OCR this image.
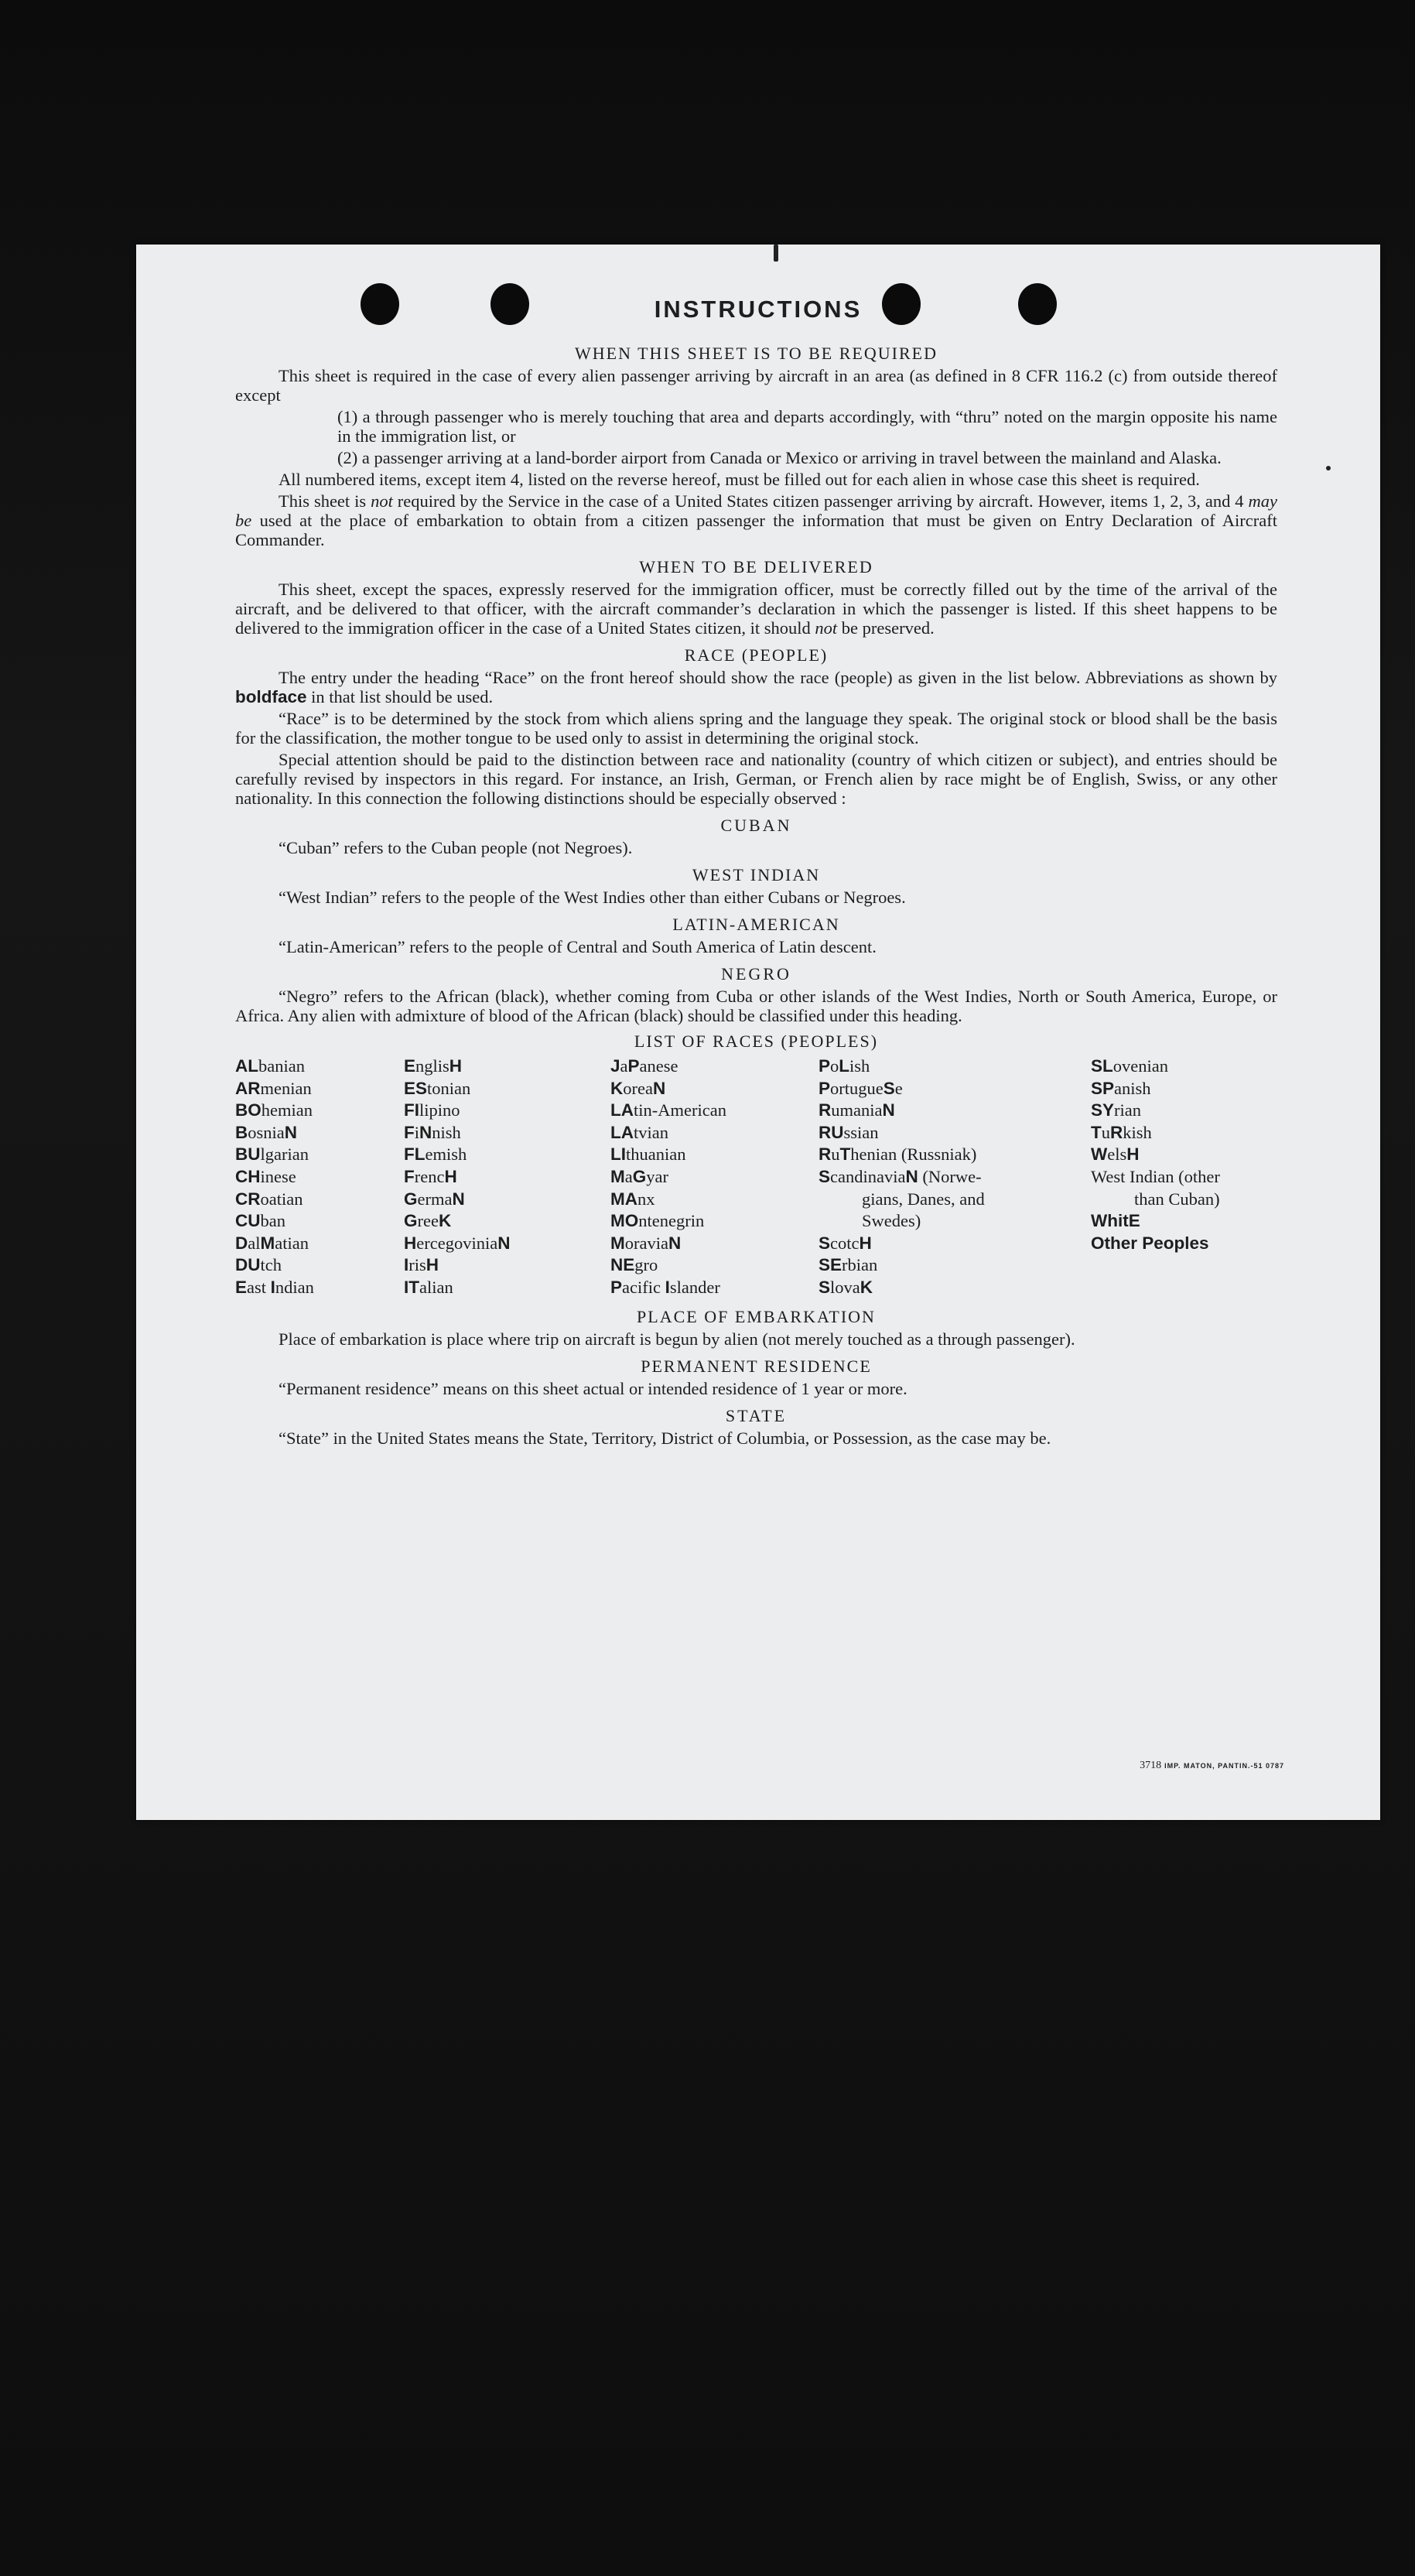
INSTRUCTIONS
WHEN THIS SHEET IS TO BE REQUIRED

This sheet is required in the case of every alien passenger arriving by aircraft in an area (as defined in 8 CFR 116.2 (c) from outside thereof except

(1) a through passenger who is merely touching that area and departs accordingly, with “thru” noted on the margin opposite his name in the immigration list, or

(2) a passenger arriving at a land-border airport from Canada or Mexico or arriving in travel between the mainland and Alaska.

All numbered items, except item 4, listed on the reverse hereof, must be filled out for each alien in whose case this sheet is required.

This sheet is not required by the Service in the case of a United States citizen passenger arriving by aircraft. However, items 1, 2, 3, and 4 may be used at the place of embarkation to obtain from a citizen passenger the information that must be given on Entry Declaration of Aircraft Commander.

WHEN TO BE DELIVERED

This sheet, except the spaces, expressly reserved for the immigration officer, must be correctly filled out by the time of the arrival of the aircraft, and be delivered to that officer, with the aircraft commander’s declaration in which the passenger is listed. If this sheet happens to be delivered to the immigration officer in the case of a United States citizen, it should not be preserved.

RACE (PEOPLE)

The entry under the heading “Race” on the front hereof should show the race (people) as given in the list below. Abbreviations as shown by boldface in that list should be used.

“Race” is to be determined by the stock from which aliens spring and the language they speak. The original stock or blood shall be the basis for the classification, the mother tongue to be used only to assist in determining the original stock.

Special attention should be paid to the distinction between race and nationality (country of which citizen or subject), and entries should be carefully revised by inspectors in this regard. For instance, an Irish, German, or French alien by race might be of English, Swiss, or any other nationality. In this connection the following distinctions should be especially observed :

CUBAN

“Cuban” refers to the Cuban people (not Negroes).

WEST INDIAN

“West Indian” refers to the people of the West Indies other than either Cubans or Negroes.

LATIN-AMERICAN

“Latin-American” refers to the people of Central and South America of Latin descent.

NEGRO

“Negro” refers to the African (black), whether coming from Cuba or other islands of the West Indies, North or South America, Europe, or Africa. Any alien with admixture of blood of the African (black) should be classified under this heading.

LIST OF RACES (PEOPLES)
ALbanian
ARmenian
BOhemian
BosniaN
BUlgarian
CHinese
CRoatian
CUban
DalMatian
DUtch
East Indian
EnglisH
EStonian
FIlipino
FiNnish
FLemish
FrencH
GermaN
GreeK
HercegoviniaN
IrisH
ITalian
JaPanese
KoreaN
LAtin-American
LAtvian
LIthuanian
MaGyar
MAnx
MOntenegrin
MoraviaN
NEgro
Pacific Islander
PoLish
PortugueSe
RumaniaN
RUssian
RuThenian (Russniak)
ScandinaviaN (Norwe-
gians, Danes, and
Swedes)
ScotcH
SErbian
SlovaK
SLovenian
SPanish
SYrian
TuRkish
WelsH
West Indian (other
than Cuban)
WhitE
Other Peoples
PLACE OF EMBARKATION

Place of embarkation is place where trip on aircraft is begun by alien (not merely touched as a through passenger).

PERMANENT RESIDENCE

“Permanent residence” means on this sheet actual or intended residence of 1 year or more.

STATE

“State” in the United States means the State, Territory, District of Columbia, or Possession, as the case may be.

3718 IMP. MATON, PANTIN.-51 0787
